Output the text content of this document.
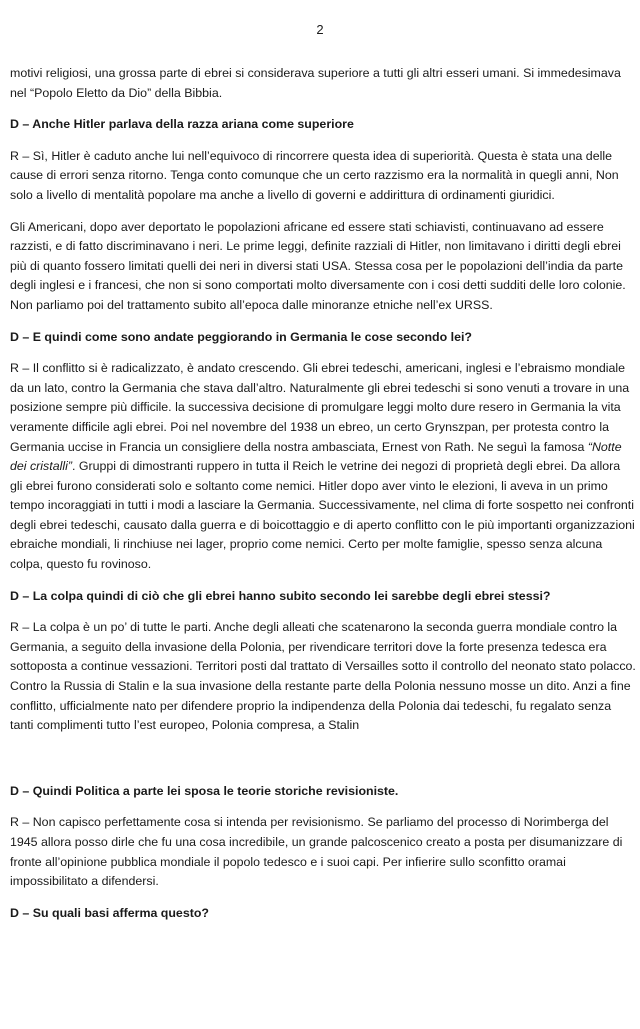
2

motivi religiosi, una grossa parte di ebrei si considerava superiore a tutti gli altri esseri umani. Si immedesimava nel “Popolo Eletto da Dio” della Bibbia.

D – Anche Hitler parlava della razza ariana come superiore

R – Sì, Hitler è caduto anche lui nell’equivoco di rincorrere questa idea di superiorità. Questa è stata una delle cause di errori senza ritorno. Tenga conto comunque che un certo razzismo era la normalità in quegli anni, Non solo a livello di mentalità popolare ma anche a livello di governi e addirittura di ordinamenti giuridici.

Gli Americani, dopo aver deportato le popolazioni africane ed essere stati schiavisti, continuavano ad essere razzisti, e di fatto discriminavano i neri. Le prime leggi, definite razziali di Hitler, non limitavano i diritti degli ebrei più di quanto fossero limitati quelli dei neri in diversi stati USA. Stessa cosa per le popolazioni dell’india da parte degli inglesi e i francesi, che non si sono comportati molto diversamente con i cosi detti sudditi delle loro colonie. Non parliamo poi del trattamento subito all’epoca dalle minoranze etniche nell’ex URSS.

D – E quindi come sono andate peggiorando in Germania le cose secondo lei?

R – Il conflitto si è radicalizzato, è andato crescendo. Gli ebrei tedeschi, americani, inglesi e l’ebraismo mondiale da un lato, contro la Germania che stava dall’altro. Naturalmente gli ebrei tedeschi si sono venuti a trovare in una posizione sempre più difficile. la successiva decisione di promulgare leggi molto dure resero in Germania la vita veramente difficile agli ebrei. Poi nel novembre del 1938 un ebreo, un certo Grynszpan, per protesta contro la Germania uccise in Francia un consigliere della nostra ambasciata, Ernest von Rath. Ne seguì la famosa “Notte dei cristalli”. Gruppi di dimostranti ruppero in tutta il Reich le vetrine dei negozi di proprietà degli ebrei. Da allora gli ebrei furono considerati solo e soltanto come nemici. Hitler dopo aver vinto le elezioni, li aveva in un primo tempo incoraggiati in tutti i modi a lasciare la Germania. Successivamente, nel clima di forte sospetto nei confronti degli ebrei tedeschi, causato dalla guerra e di boicottaggio e di aperto conflitto con le più importanti organizzazioni ebraiche mondiali, li rinchiuse nei lager, proprio come nemici. Certo per molte famiglie, spesso senza alcuna colpa, questo fu rovinoso.

D – La colpa quindi di ciò che gli ebrei hanno subito secondo lei sarebbe degli ebrei stessi?

R – La colpa è un po’ di tutte le parti. Anche degli alleati che scatenarono la seconda guerra mondiale contro la Germania, a seguito della invasione della Polonia, per rivendicare territori dove la forte presenza tedesca era sottoposta a continue vessazioni. Territori posti dal trattato di Versailles sotto il controllo del neonato stato polacco. Contro la Russia di Stalin e la sua invasione della restante parte della Polonia nessuno mosse un dito. Anzi a fine conflitto, ufficialmente nato per difendere proprio la indipendenza della Polonia dai tedeschi, fu regalato senza tanti complimenti tutto l’est europeo, Polonia compresa, a Stalin

D – Quindi Politica a parte lei sposa le teorie storiche revisioniste.

R – Non capisco perfettamente cosa si intenda per revisionismo. Se parliamo del processo di Norimberga del 1945 allora posso dirle che fu una cosa incredibile, un grande palcoscenico creato a posta per disumanizzare di fronte all’opinione pubblica mondiale il popolo tedesco e i suoi capi. Per infierire sullo sconfitto oramai impossibilitato a difendersi.

D – Su quali basi afferma questo?
